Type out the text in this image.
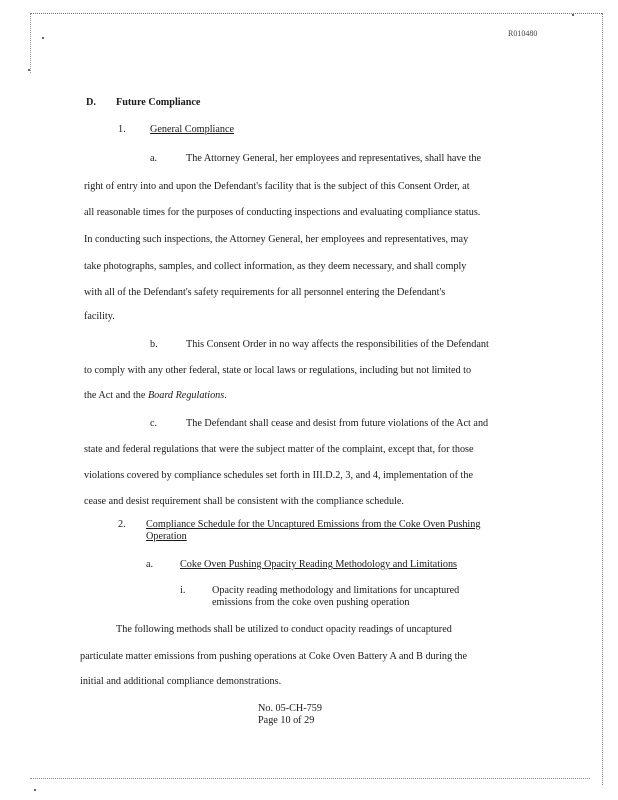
R010480
D. Future Compliance
1. General Compliance
a.	The Attorney General, her employees and representatives, shall have the
right of entry into and upon the Defendant's facility that is the subject of this Consent Order, at
all reasonable times for the purposes of conducting inspections and evaluating compliance status.
In conducting such inspections, the Attorney General, her employees and representatives, may
take photographs, samples, and collect information, as they deem necessary, and shall comply
with all of the Defendant's safety requirements for all personnel entering the Defendant's
facility.
b.	This Consent Order in no way affects the responsibilities of the Defendant
to comply with any other federal, state or local laws or regulations, including but not limited to
the Act and the Board Regulations.
c.	The Defendant shall cease and desist from future violations of the Act and
state and federal regulations that were the subject matter of the complaint, except that, for those
violations covered by compliance schedules set forth in III.D.2, 3, and 4, implementation of the
cease and desist requirement shall be consistent with the compliance schedule.
2. Compliance Schedule for the Uncaptured Emissions from the Coke Oven Pushing
Operation
a.	Coke Oven Pushing Opacity Reading Methodology and Limitations
i.	Opacity reading methodology and limitations for uncaptured
emissions from the coke oven pushing operation
The following methods shall be utilized to conduct opacity readings of uncaptured
particulate matter emissions from pushing operations at Coke Oven Battery A and B during the
initial and additional compliance demonstrations.
No. 05-CH-759
Page 10 of 29
